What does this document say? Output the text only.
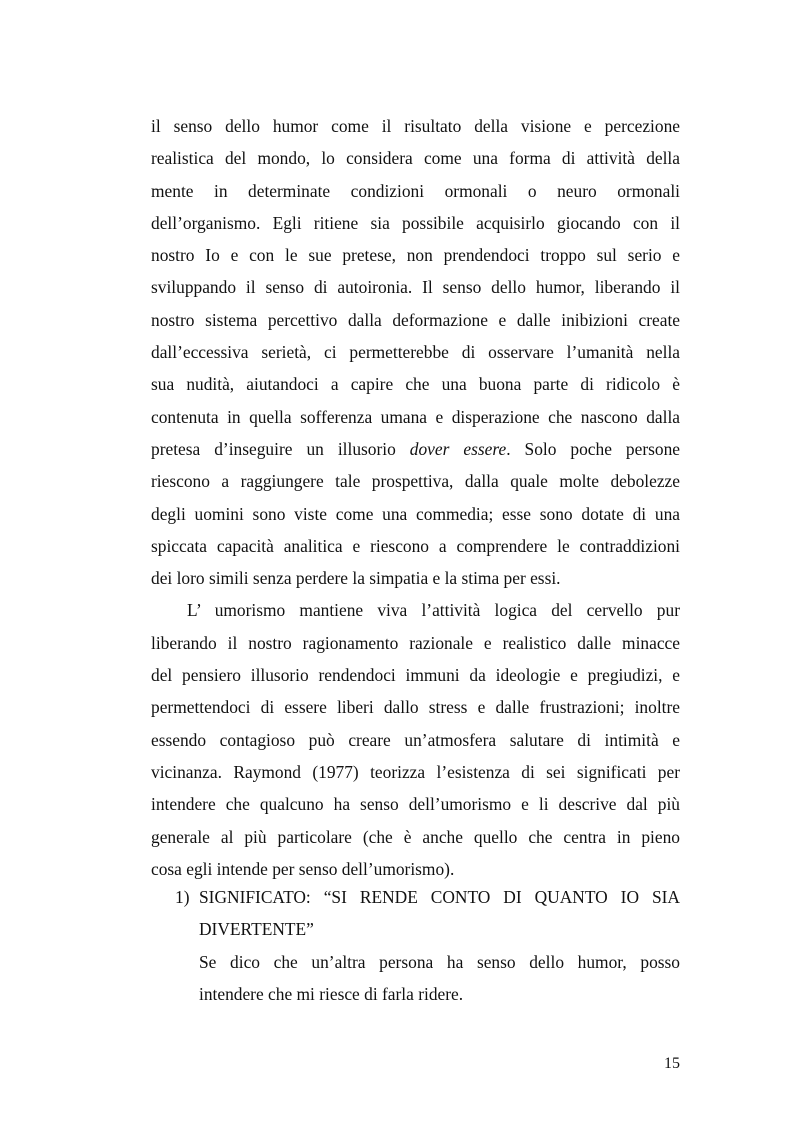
il senso dello humor come il risultato della visione e percezione
realistica del mondo, lo considera come una forma di attività della
mente in determinate condizioni ormonali o neuro ormonali
dell’organismo. Egli ritiene sia possibile acquisirlo giocando con il
nostro Io e con le sue pretese, non prendendoci troppo sul serio e
sviluppando il senso di autoironia. Il senso dello humor, liberando il
nostro sistema percettivo dalla deformazione e dalle inibizioni create
dall’eccessiva serietà, ci permetterebbe di osservare l’umanità nella
sua nudità, aiutandoci a capire che una buona parte di ridicolo è
contenuta in quella sofferenza umana e disperazione che nascono dalla
pretesa d’inseguire un illusorio dover essere. Solo poche persone
riescono a raggiungere tale prospettiva, dalla quale molte debolezze
degli uomini sono viste come una commedia; esse sono dotate di una
spiccata capacità analitica e riescono a comprendere le contraddizioni
dei loro simili senza perdere la simpatia e la stima per essi.
L’ umorismo mantiene viva l’attività logica del cervello pur
liberando il nostro ragionamento razionale e realistico dalle minacce
del pensiero illusorio rendendoci immuni da ideologie e pregiudizi, e
permettendoci di essere liberi dallo stress e dalle frustrazioni; inoltre
essendo contagioso può creare un’atmosfera salutare di intimità e
vicinanza. Raymond (1977) teorizza l’esistenza di sei significati per
intendere che qualcuno ha senso dell’umorismo e li descrive dal più
generale al più particolare (che è anche quello che centra in pieno
cosa egli intende per senso dell’umorismo).
1) SIGNIFICATO: “SI RENDE CONTO DI QUANTO IO SIA
DIVERTENTE”
Se dico che un’altra persona ha senso dello humor, posso
intendere che mi riesce di farla ridere.
15
